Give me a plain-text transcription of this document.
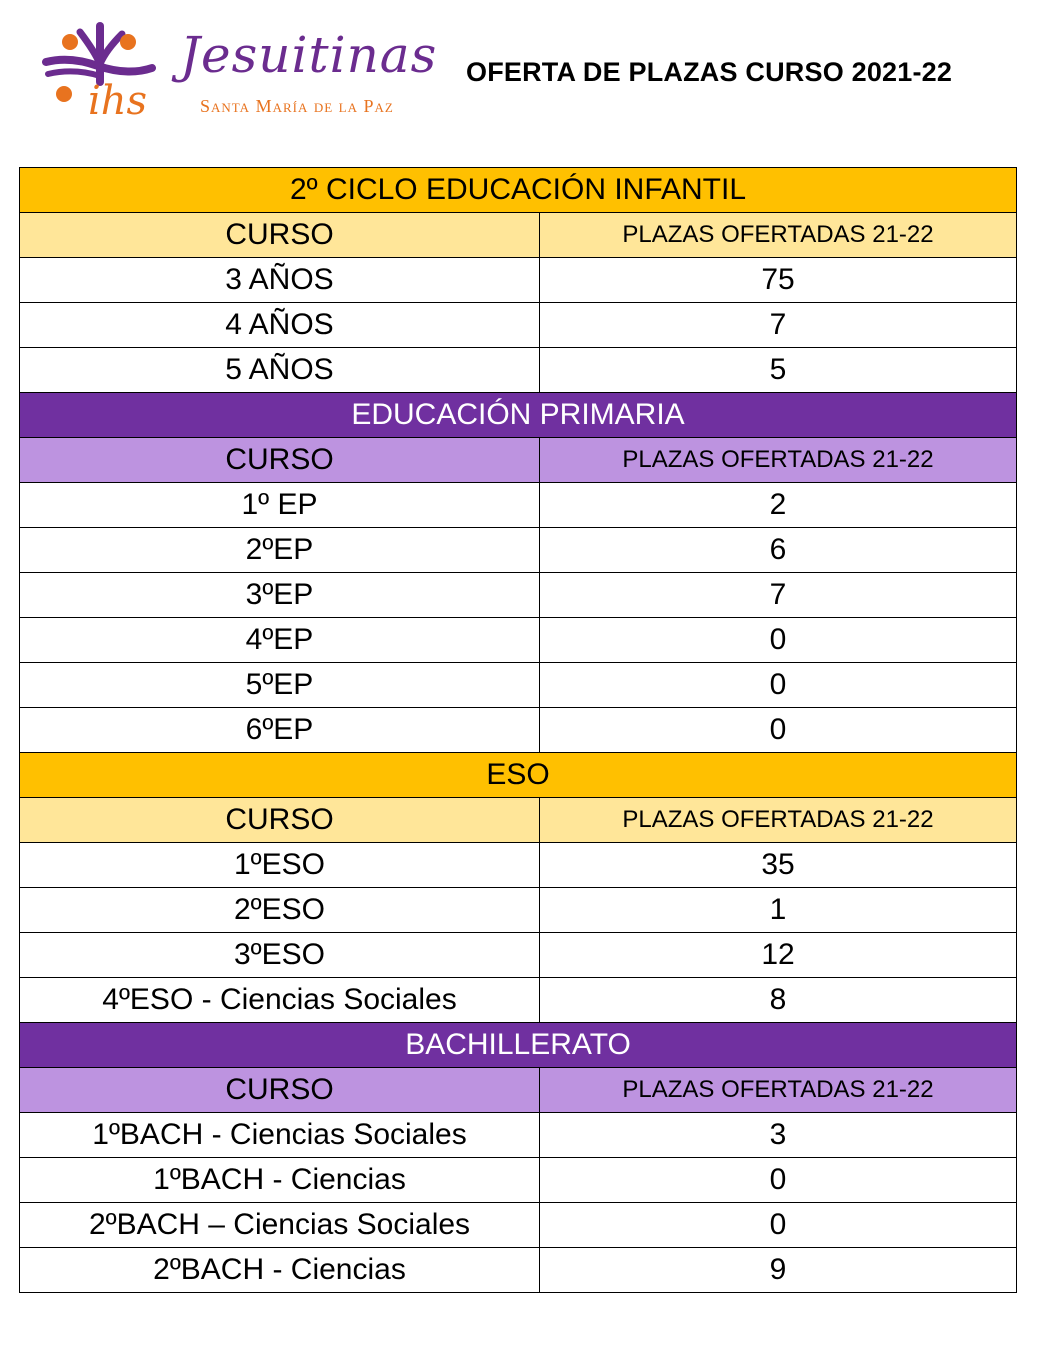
ihs
Jesuitinas
Santa María de la Paz
OFERTA DE PLAZAS CURSO 2021-22
2º CICLO EDUCACIÓN INFANTIL	
CURSO	PLAZAS OFERTADAS 21-22
3 AÑOS	75
4 AÑOS	7
5 AÑOS	5
EDUCACIÓN PRIMARIA	
CURSO	PLAZAS OFERTADAS 21-22
1º EP	2
2ºEP	6
3ºEP	7
4ºEP	0
5ºEP	0
6ºEP	0
ESO	
CURSO	PLAZAS OFERTADAS 21-22
1ºESO	35
2ºESO	1
3ºESO	12
4ºESO - Ciencias Sociales	8
BACHILLERATO	
CURSO	PLAZAS OFERTADAS 21-22
1ºBACH - Ciencias Sociales	3
1ºBACH - Ciencias	0
2ºBACH – Ciencias Sociales	0
2ºBACH - Ciencias	9
